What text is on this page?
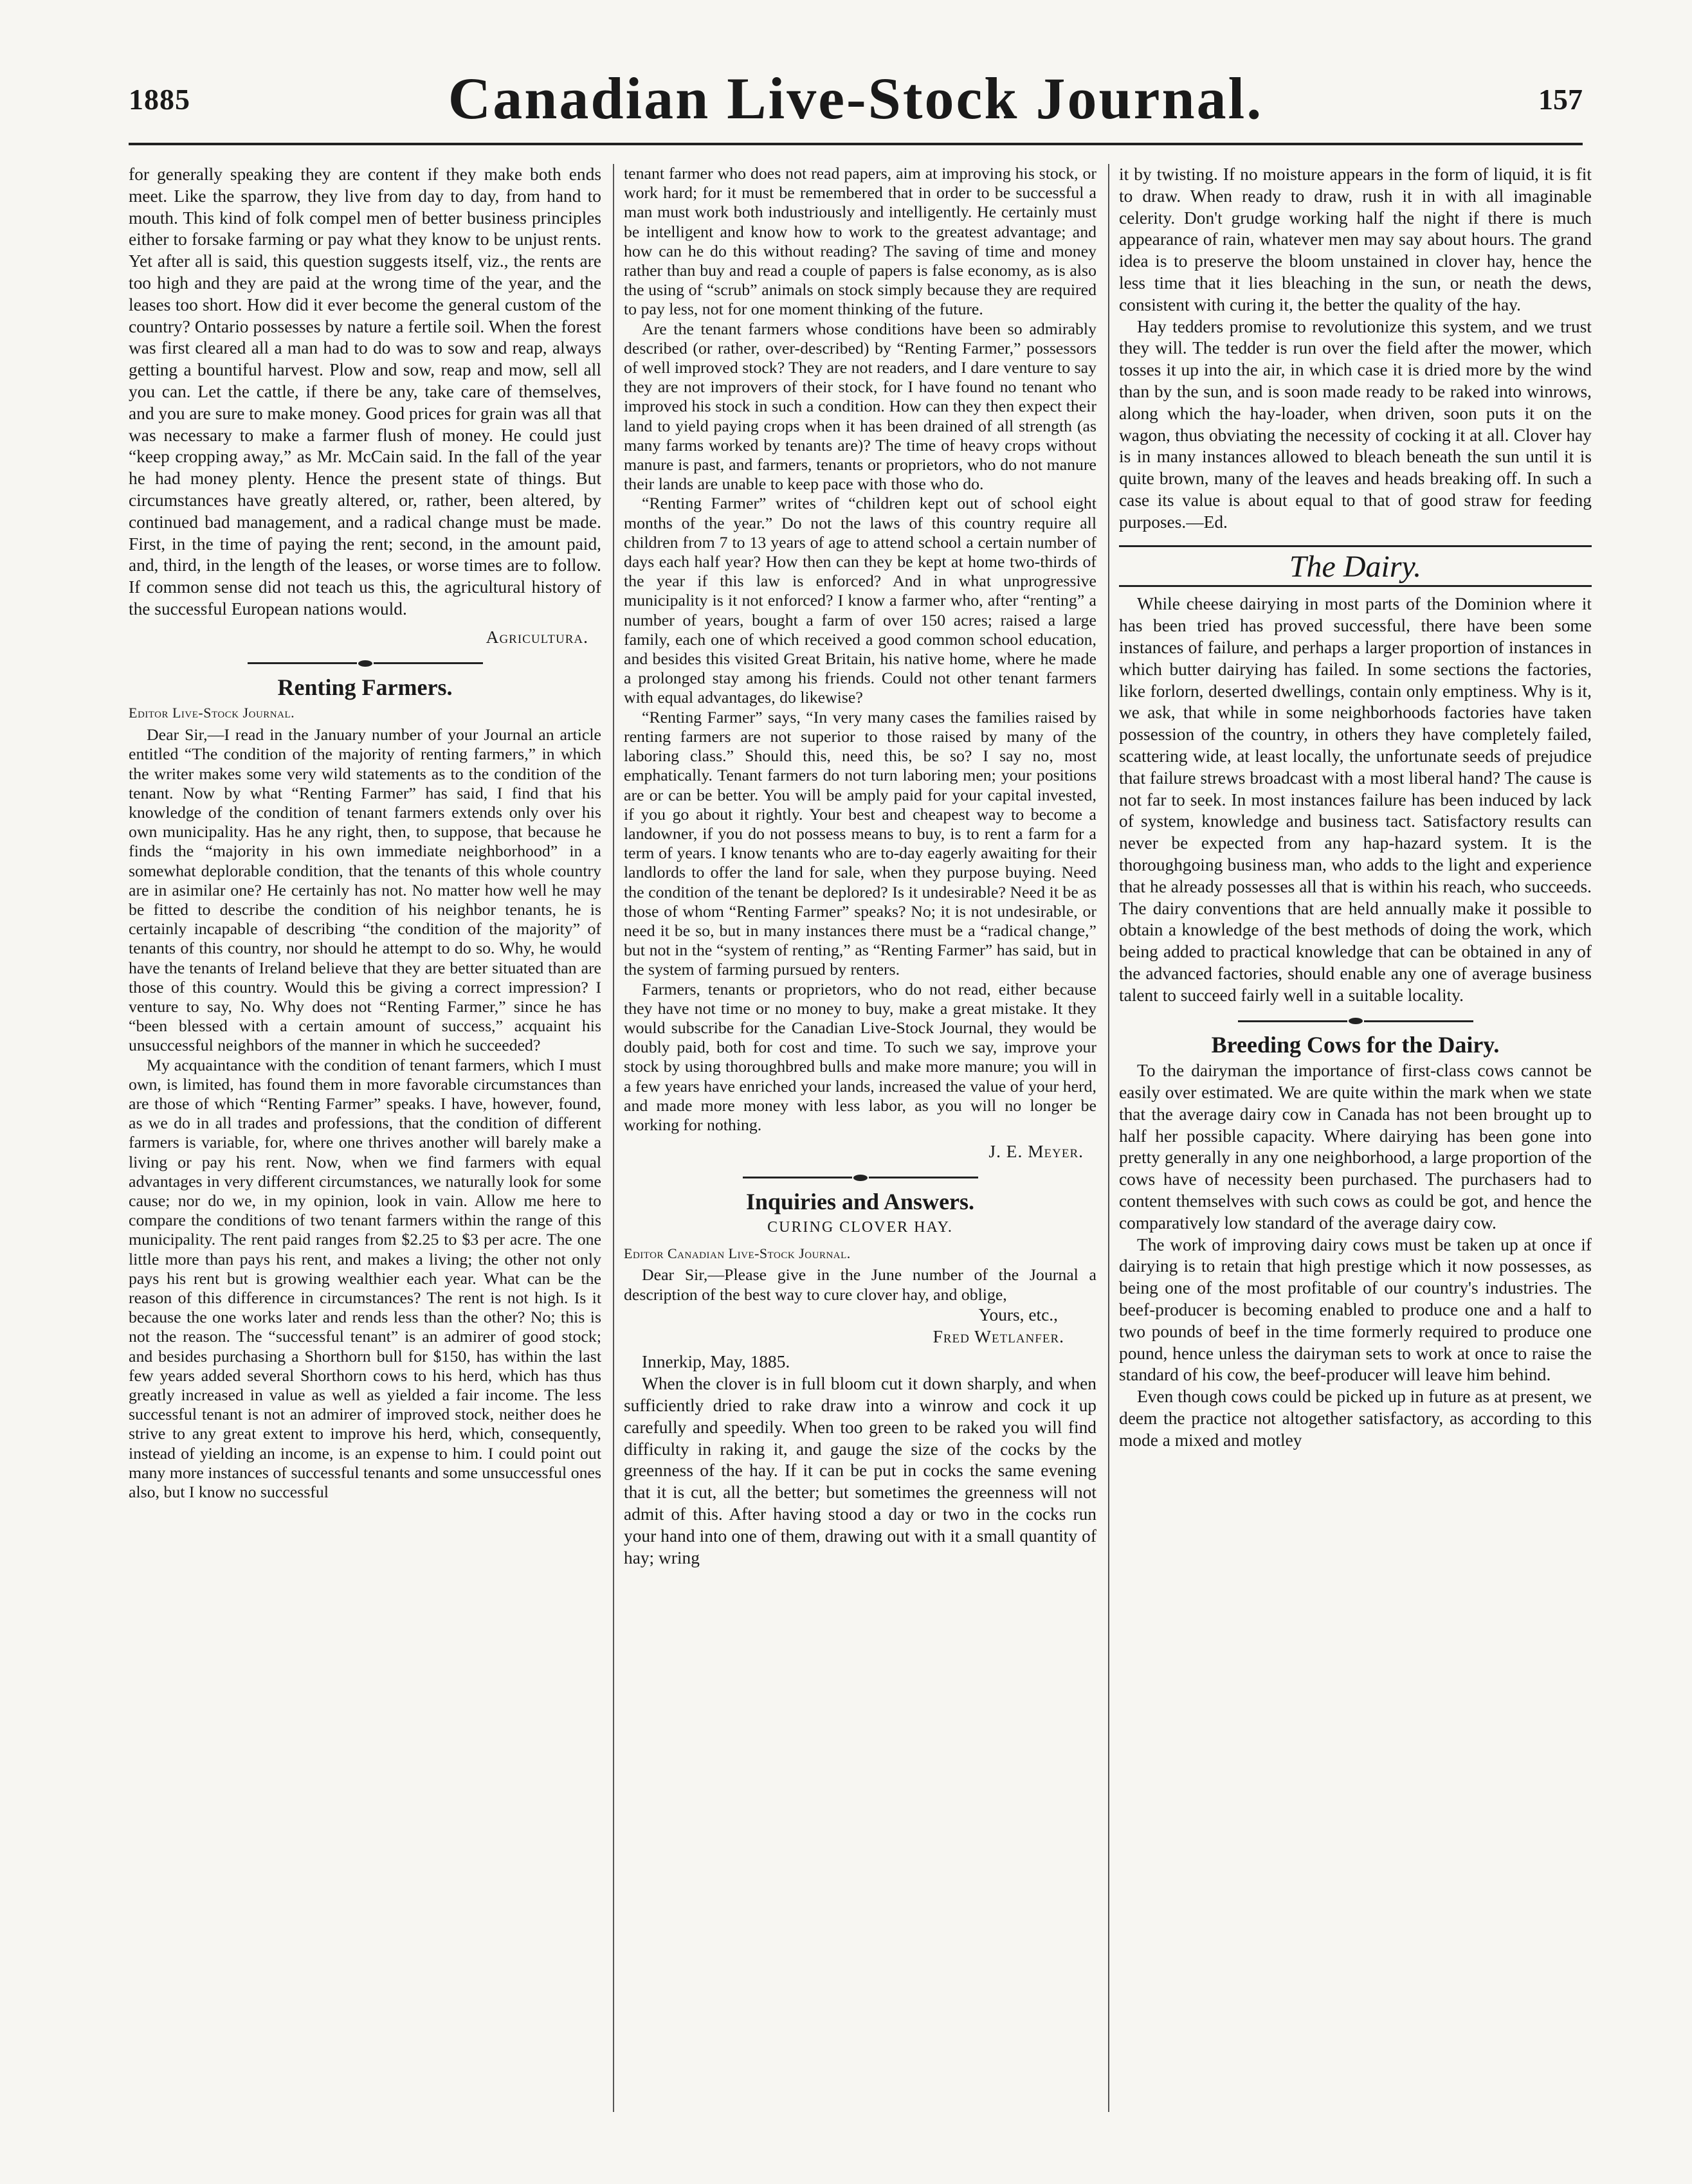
1885	Canadian Live-Stock Journal.	157

for generally speaking they are content if they make both ends meet. Like the sparrow, they live from day to day, from hand to mouth. This kind of folk compel men of better business principles either to forsake farming or pay what they know to be unjust rents. Yet after all is said, this question suggests itself, viz., the rents are too high and they are paid at the wrong time of the year, and the leases too short. How did it ever become the general custom of the country? Ontario possesses by nature a fertile soil. When the forest was first cleared all a man had to do was to sow and reap, always getting a bountiful harvest. Plow and sow, reap and mow, sell all you can. Let the cattle, if there be any, take care of themselves, and you are sure to make money. Good prices for grain was all that was necessary to make a farmer flush of money. He could just “keep cropping away,” as Mr. McCain said. In the fall of the year he had money plenty. Hence the present state of things. But circumstances have greatly altered, or, rather, been altered, by continued bad management, and a radical change must be made. First, in the time of paying the rent; second, in the amount paid, and, third, in the length of the leases, or worse times are to follow. If common sense did not teach us this, the agricultural history of the successful European nations would.

Agricultura.
Renting Farmers.
Editor Live-Stock Journal.

Dear Sir,—I read in the January number of your Journal an article entitled “The condition of the majority of renting farmers,” in which the writer makes some very wild statements as to the condition of the tenant. Now by what “Renting Farmer” has said, I find that his knowledge of the condition of tenant farmers extends only over his own municipality. Has he any right, then, to suppose, that because he finds the “majority in his own immediate neighborhood” in a somewhat deplorable condition, that the tenants of this whole country are in asimilar one? He certainly has not. No matter how well he may be fitted to describe the condition of his neighbor tenants, he is certainly incapable of describing “the condition of the majority” of tenants of this country, nor should he attempt to do so. Why, he would have the tenants of Ireland believe that they are better situated than are those of this country. Would this be giving a correct impression? I venture to say, No. Why does not “Renting Farmer,” since he has “been blessed with a certain amount of success,” acquaint his unsuccessful neighbors of the manner in which he succeeded?

My acquaintance with the condition of tenant farmers, which I must own, is limited, has found them in more favorable circumstances than are those of which “Renting Farmer” speaks. I have, however, found, as we do in all trades and professions, that the condition of different farmers is variable, for, where one thrives another will barely make a living or pay his rent. Now, when we find farmers with equal advantages in very different circumstances, we naturally look for some cause; nor do we, in my opinion, look in vain. Allow me here to compare the conditions of two tenant farmers within the range of this municipality. The rent paid ranges from $2.25 to $3 per acre. The one little more than pays his rent, and makes a living; the other not only pays his rent but is growing wealthier each year. What can be the reason of this difference in circumstances? The rent is not high. Is it because the one works later and rends less than the other? No; this is not the reason. The “successful tenant” is an admirer of good stock; and besides purchasing a Shorthorn bull for $150, has within the last few years added several Shorthorn cows to his herd, which has thus greatly increased in value as well as yielded a fair income. The less successful tenant is not an admirer of improved stock, neither does he strive to any great extent to improve his herd, which, consequently, instead of yielding an income, is an expense to him. I could point out many more instances of successful tenants and some unsuccessful ones also, but I know no successful

tenant farmer who does not read papers, aim at improving his stock, or work hard; for it must be remembered that in order to be successful a man must work both industriously and intelligently. He certainly must be intelligent and know how to work to the greatest advantage; and how can he do this without reading? The saving of time and money rather than buy and read a couple of papers is false economy, as is also the using of “scrub” animals on stock simply because they are required to pay less, not for one moment thinking of the future.

Are the tenant farmers whose conditions have been so admirably described (or rather, over-described) by “Renting Farmer,” possessors of well improved stock? They are not readers, and I dare venture to say they are not improvers of their stock, for I have found no tenant who improved his stock in such a condition. How can they then expect their land to yield paying crops when it has been drained of all strength (as many farms worked by tenants are)? The time of heavy crops without manure is past, and farmers, tenants or proprietors, who do not manure their lands are unable to keep pace with those who do.

“Renting Farmer” writes of “children kept out of school eight months of the year.” Do not the laws of this country require all children from 7 to 13 years of age to attend school a certain number of days each half year? How then can they be kept at home two-thirds of the year if this law is enforced? And in what unprogressive municipality is it not enforced? I know a farmer who, after “renting” a number of years, bought a farm of over 150 acres; raised a large family, each one of which received a good common school education, and besides this visited Great Britain, his native home, where he made a prolonged stay among his friends. Could not other tenant farmers with equal advantages, do likewise?

“Renting Farmer” says, “In very many cases the families raised by renting farmers are not superior to those raised by many of the laboring class.” Should this, need this, be so? I say no, most emphatically. Tenant farmers do not turn laboring men; your positions are or can be better. You will be amply paid for your capital invested, if you go about it rightly. Your best and cheapest way to become a landowner, if you do not possess means to buy, is to rent a farm for a term of years. I know tenants who are to-day eagerly awaiting for their landlords to offer the land for sale, when they purpose buying. Need the condition of the tenant be deplored? Is it undesirable? Need it be as those of whom “Renting Farmer” speaks? No; it is not undesirable, or need it be so, but in many instances there must be a “radical change,” but not in the “system of renting,” as “Renting Farmer” has said, but in the system of farming pursued by renters.

Farmers, tenants or proprietors, who do not read, either because they have not time or no money to buy, make a great mistake. It they would subscribe for the Canadian Live-Stock Journal, they would be doubly paid, both for cost and time. To such we say, improve your stock by using thoroughbred bulls and make more manure; you will in a few years have enriched your lands, increased the value of your herd, and made more money with less labor, as you will no longer be working for nothing.

J. E. Meyer.
Inquiries and Answers.
CURING CLOVER HAY.
Editor Canadian Live-Stock Journal.

Dear Sir,—Please give in the June number of the Journal a description of the best way to cure clover hay, and oblige,

Yours, etc.,
Fred Wetlanfer.

Innerkip, May, 1885.

When the clover is in full bloom cut it down sharply, and when sufficiently dried to rake draw into a winrow and cock it up carefully and speedily. When too green to be raked you will find difficulty in raking it, and gauge the size of the cocks by the greenness of the hay. If it can be put in cocks the same evening that it is cut, all the better; but sometimes the greenness will not admit of this. After having stood a day or two in the cocks run your hand into one of them, drawing out with it a small quantity of hay; wring

it by twisting. If no moisture appears in the form of liquid, it is fit to draw. When ready to draw, rush it in with all imaginable celerity. Don't grudge working half the night if there is much appearance of rain, whatever men may say about hours. The grand idea is to preserve the bloom unstained in clover hay, hence the less time that it lies bleaching in the sun, or neath the dews, consistent with curing it, the better the quality of the hay.

Hay tedders promise to revolutionize this system, and we trust they will. The tedder is run over the field after the mower, which tosses it up into the air, in which case it is dried more by the wind than by the sun, and is soon made ready to be raked into winrows, along which the hay-loader, when driven, soon puts it on the wagon, thus obviating the necessity of cocking it at all. Clover hay is in many instances allowed to bleach beneath the sun until it is quite brown, many of the leaves and heads breaking off. In such a case its value is about equal to that of good straw for feeding purposes.—Ed.

The Dairy.

While cheese dairying in most parts of the Dominion where it has been tried has proved successful, there have been some instances of failure, and perhaps a larger proportion of instances in which butter dairying has failed. In some sections the factories, like forlorn, deserted dwellings, contain only emptiness. Why is it, we ask, that while in some neighborhoods factories have taken possession of the country, in others they have completely failed, scattering wide, at least locally, the unfortunate seeds of prejudice that failure strews broadcast with a most liberal hand? The cause is not far to seek. In most instances failure has been induced by lack of system, knowledge and business tact. Satisfactory results can never be expected from any hap-hazard system. It is the thoroughgoing business man, who adds to the light and experience that he already possesses all that is within his reach, who succeeds. The dairy conventions that are held annually make it possible to obtain a knowledge of the best methods of doing the work, which being added to practical knowledge that can be obtained in any of the advanced factories, should enable any one of average business talent to succeed fairly well in a suitable locality.

Breeding Cows for the Dairy.

To the dairyman the importance of first-class cows cannot be easily over estimated. We are quite within the mark when we state that the average dairy cow in Canada has not been brought up to half her possible capacity. Where dairying has been gone into pretty generally in any one neighborhood, a large proportion of the cows have of necessity been purchased. The purchasers had to content themselves with such cows as could be got, and hence the comparatively low standard of the average dairy cow.

The work of improving dairy cows must be taken up at once if dairying is to retain that high prestige which it now possesses, as being one of the most profitable of our country's industries. The beef-producer is becoming enabled to produce one and a half to two pounds of beef in the time formerly required to produce one pound, hence unless the dairyman sets to work at once to raise the standard of his cow, the beef-producer will leave him behind.

Even though cows could be picked up in future as at present, we deem the practice not altogether satisfactory, as according to this mode a mixed and motley
